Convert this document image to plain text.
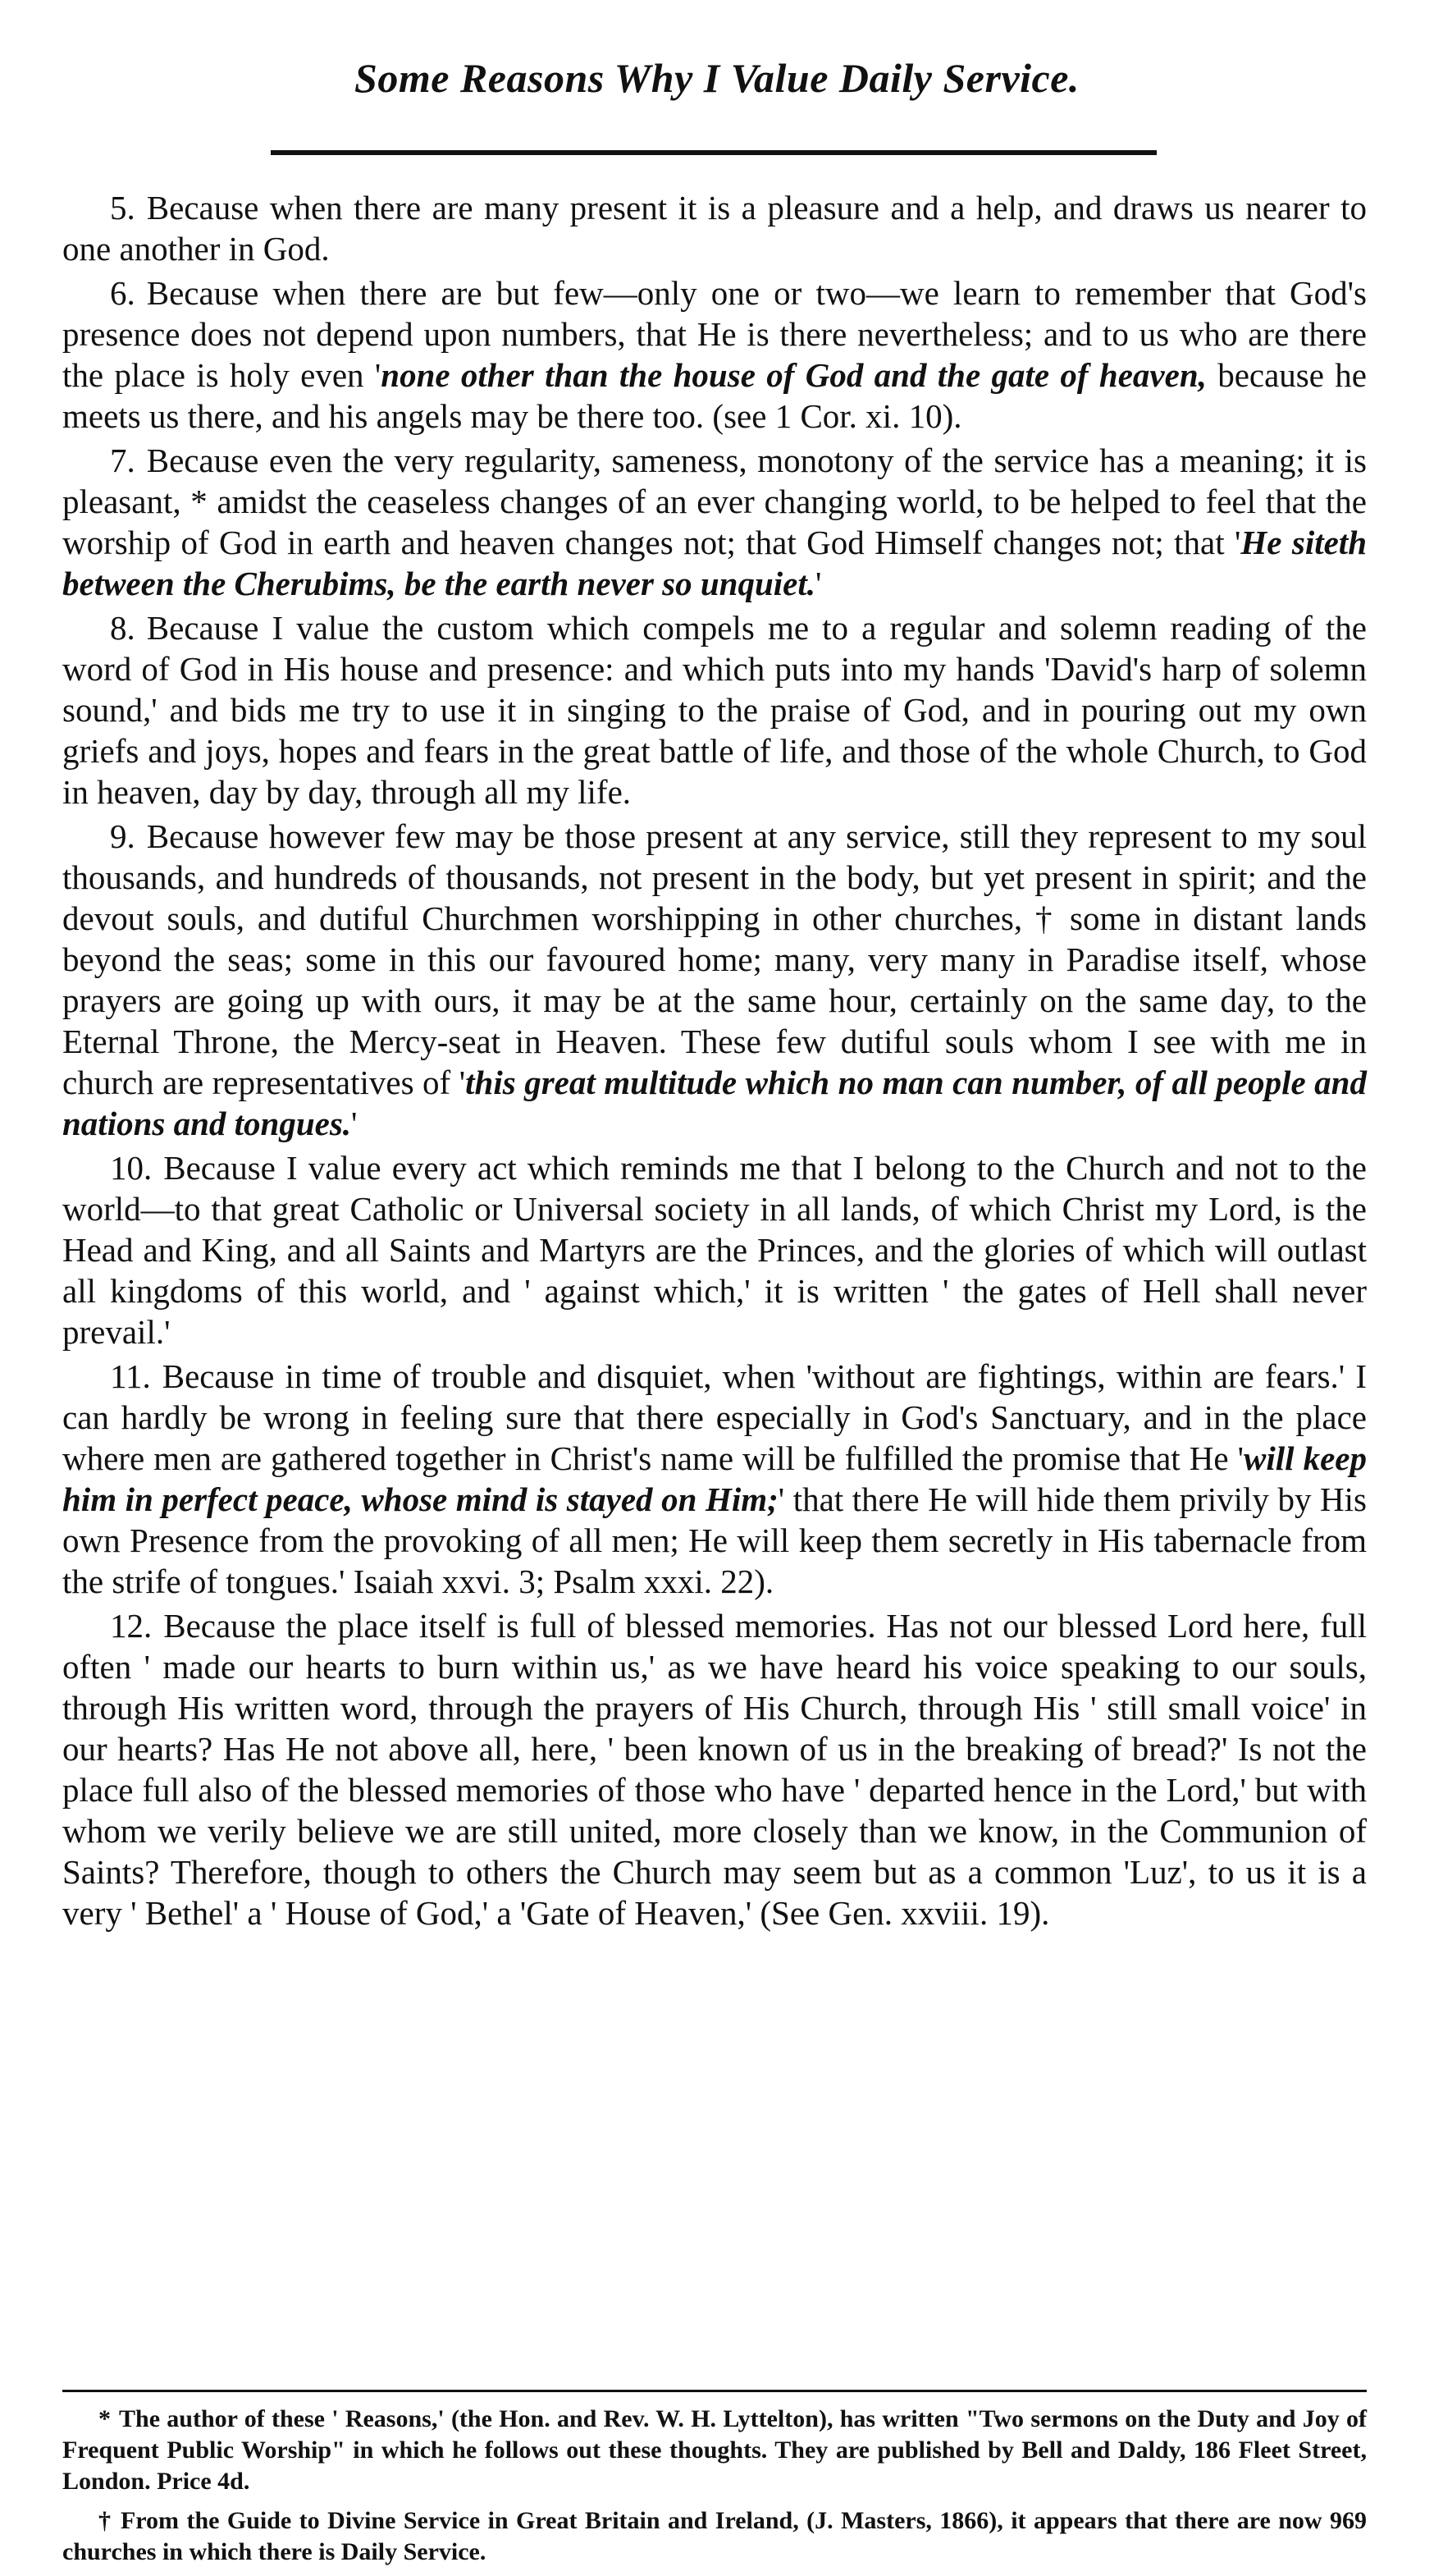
Some Reasons Why I Value Daily Service.

5. Because when there are many present it is a pleasure and a help, and draws us nearer to one another in God.

6. Because when there are but few—only one or two—we learn to remember that God's presence does not depend upon numbers, that He is there nevertheless; and to us who are there the place is holy even 'none other than the house of God and the gate of heaven, because he meets us there, and his angels may be there too. (see 1 Cor. xi. 10).

7. Because even the very regularity, sameness, monotony of the service has a meaning; it is pleasant, * amidst the ceaseless changes of an ever changing world, to be helped to feel that the worship of God in earth and heaven changes not; that God Himself changes not; that 'He siteth between the Cherubims, be the earth never so unquiet.'

8. Because I value the custom which compels me to a regular and solemn reading of the word of God in His house and presence: and which puts into my hands 'David's harp of solemn sound,' and bids me try to use it in singing to the praise of God, and in pouring out my own griefs and joys, hopes and fears in the great battle of life, and those of the whole Church, to God in heaven, day by day, through all my life.

9. Because however few may be those present at any service, still they represent to my soul thousands, and hundreds of thousands, not present in the body, but yet present in spirit; and the devout souls, and dutiful Churchmen worshipping in other churches, † some in distant lands beyond the seas; some in this our favoured home; many, very many in Paradise itself, whose prayers are going up with ours, it may be at the same hour, certainly on the same day, to the Eternal Throne, the Mercy-seat in Heaven. These few dutiful souls whom I see with me in church are representatives of 'this great multitude which no man can number, of all people and nations and tongues.'

10. Because I value every act which reminds me that I belong to the Church and not to the world—to that great Catholic or Universal society in all lands, of which Christ my Lord, is the Head and King, and all Saints and Martyrs are the Princes, and the glories of which will outlast all kingdoms of this world, and ' against which,' it is written ' the gates of Hell shall never prevail.'

11. Because in time of trouble and disquiet, when 'without are fightings, within are fears.' I can hardly be wrong in feeling sure that there especially in God's Sanctuary, and in the place where men are gathered together in Christ's name will be fulfilled the promise that He 'will keep him in perfect peace, whose mind is stayed on Him;' that there He will hide them privily by His own Presence from the provoking of all men; He will keep them secretly in His tabernacle from the strife of tongues.' Isaiah xxvi. 3; Psalm xxxi. 22).

12. Because the place itself is full of blessed memories. Has not our blessed Lord here, full often ' made our hearts to burn within us,' as we have heard his voice speaking to our souls, through His written word, through the prayers of His Church, through His ' still small voice' in our hearts? Has He not above all, here, ' been known of us in the breaking of bread?' Is not the place full also of the blessed memories of those who have ' departed hence in the Lord,' but with whom we verily believe we are still united, more closely than we know, in the Communion of Saints? Therefore, though to others the Church may seem but as a common 'Luz', to us it is a very ' Bethel' a ' House of God,' a 'Gate of Heaven,' (See Gen. xxviii. 19).

* The author of these ' Reasons,' (the Hon. and Rev. W. H. Lyttelton), has written "Two sermons on the Duty and Joy of Frequent Public Worship" in which he follows out these thoughts. They are published by Bell and Daldy, 186 Fleet Street, London. Price 4d.

† From the Guide to Divine Service in Great Britain and Ireland, (J. Masters, 1866), it appears that there are now 969 churches in which there is Daily Service.
